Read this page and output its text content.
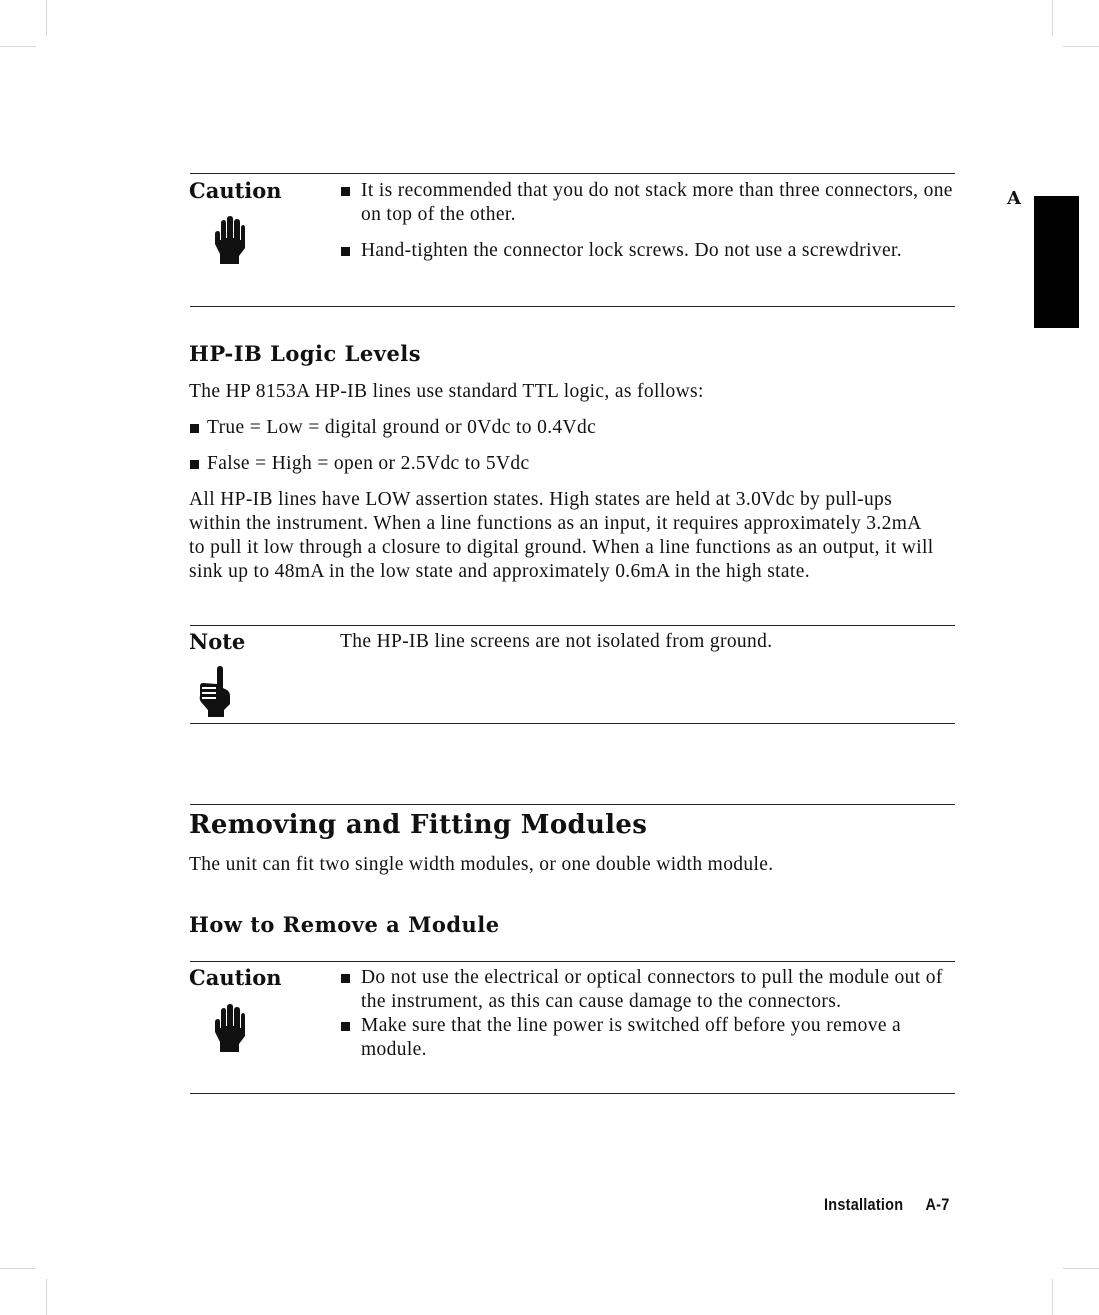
A
Caution	It is recommended that you do not stack more than three connectors, one on top of the other.
Hand-tighten the connector lock screws. Do not use a screwdriver.
HP-IB Logic Levels
The HP 8153A HP-IB lines use standard TTL logic, as follows:
True = Low = digital ground or 0Vdc to 0.4Vdc
False = High = open or 2.5Vdc to 5Vdc
All HP-IB lines have LOW assertion states. High states are held at 3.0Vdc by pull-ups within the instrument. When a line functions as an input, it requires approximately 3.2mA to pull it low through a closure to digital ground. When a line functions as an output, it will sink up to 48mA in the low state and approximately 0.6mA in the high state.
Note	The HP-IB line screens are not isolated from ground.
Removing and Fitting Modules
The unit can fit two single width modules, or one double width module.
How to Remove a Module
Caution	Do not use the electrical or optical connectors to pull the module out of the instrument, as this can cause damage to the connectors.
Make sure that the line power is switched off before you remove a module.
Installation A-7
